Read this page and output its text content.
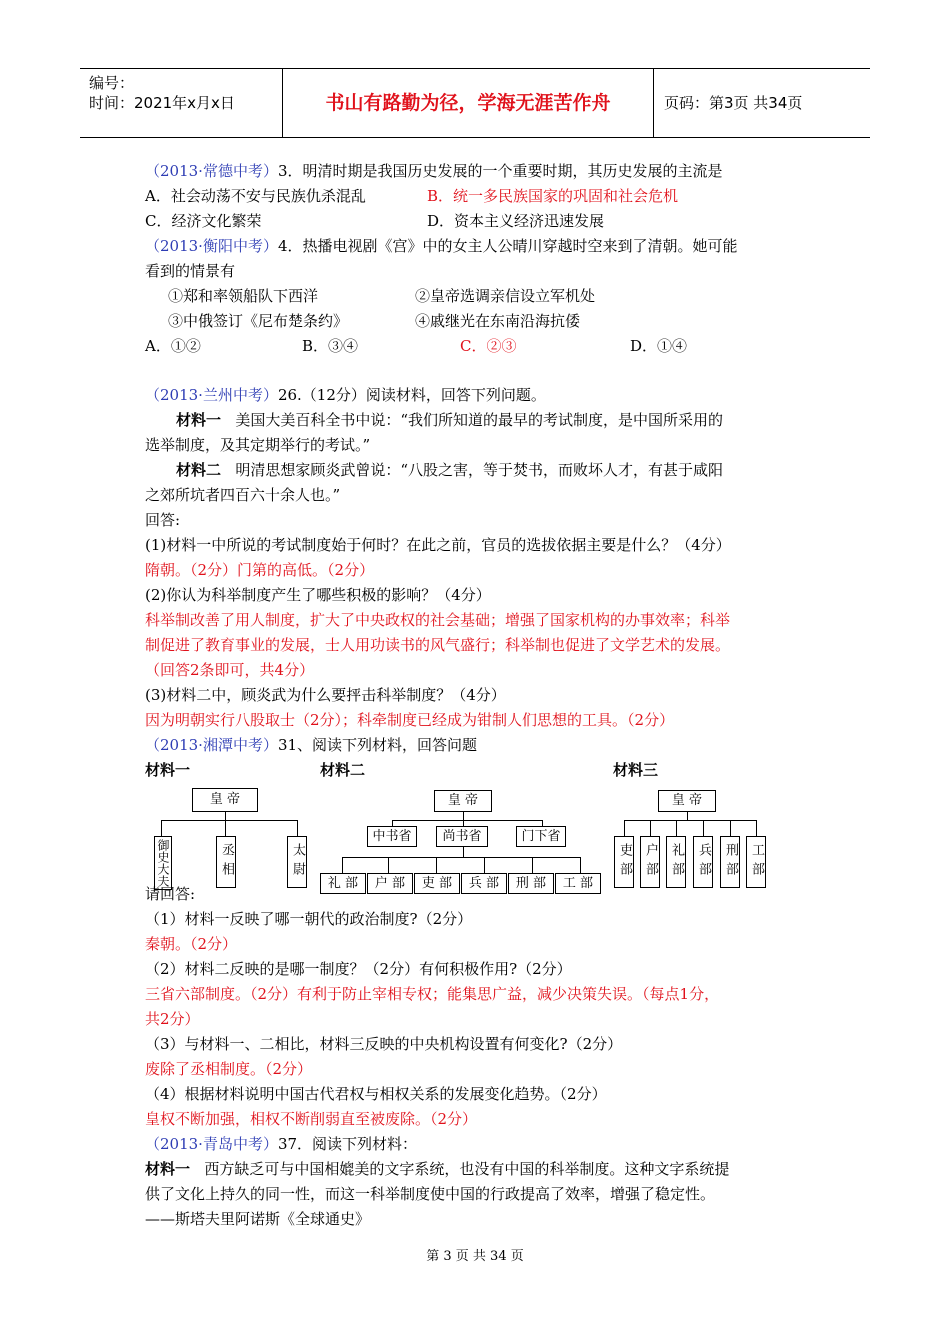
编号：
时间：2021年x月x日	书山有路勤为径，学海无涯苦作舟	页码：第3页 共34页
（2013·常德中考）3．明清时期是我国历史发展的一个重要时期，其历史发展的主流是
A．社会动荡不安与民族仇杀混乱	B．统一多民族国家的巩固和社会危机
C．经济文化繁荣	D．资本主义经济迅速发展
（2013·衡阳中考）4．热播电视剧《宫》中的女主人公晴川穿越时空来到了清朝。她可能
看到的情景有
①郑和率领船队下西洋	②皇帝选调亲信设立军机处
③中俄签订《尼布楚条约》	④戚继光在东南沿海抗倭
A．①②	B．③④	C．②③	D．①④
（2013·兰州中考）26.（12分）阅读材料，回答下列问题。
材料一 美国大美百科全书中说：“我们所知道的最早的考试制度，是中国所采用的
选举制度，及其定期举行的考试。”
材料二 明清思想家顾炎武曾说：“八股之害，等于焚书，而败坏人才，有甚于咸阳
之郊所坑者四百六十余人也。”
回答:
(1)材料一中所说的考试制度始于何时？在此之前，官员的选拔依据主要是什么？（4分）
隋朝。（2分）门第的高低。（2分）
(2)你认为科举制度产生了哪些积极的影响？（4分）
科举制改善了用人制度，扩大了中央政权的社会基础；增强了国家机构的办事效率；科举
制促进了教育事业的发展，士人用功读书的风气盛行；科举制也促进了文学艺术的发展。
（回答2条即可，共4分）
(3)材料二中，顾炎武为什么要抨击科举制度？（4分）
因为明朝实行八股取士（2分）；科牵制度已经成为钳制人们思想的工具。（2分）
（2013·湘潭中考）31、阅读下列材料，回答问题
材料一	材料二	材料三
皇 帝
御史大夫	丞相	太尉
皇 帝
中书省	尚书省	门下省
礼 部	户 部	吏 部	兵 部	刑 部	工 部
皇 帝
吏部 户部 礼部 兵部 刑部 工部
请回答:
（1）材料一反映了哪一朝代的政治制度?（2分）
秦朝。（2分）
（2）材料二反映的是哪一制度？（2分）有何积极作用?（2分）
三省六部制度。（2分）有利于防止宰相专权；能集思广益，减少决策失误。（每点1分，
共2分）
（3）与材料一、二相比，材料三反映的中央机构设置有何变化?（2分）
废除了丞相制度。（2分）
（4）根据材料说明中国古代君权与相权关系的发展变化趋势。（2分）
皇权不断加强，相权不断削弱直至被废除。（2分）
（2013·青岛中考）37．阅读下列材料：
材料一 西方缺乏可与中国相媲美的文字系统，也没有中国的科举制度。这种文字系统提
供了文化上持久的同一性，而这一科举制度使中国的行政提高了效率，增强了稳定性。
——斯塔夫里阿诺斯《全球通史》
第 3 页 共 34 页
